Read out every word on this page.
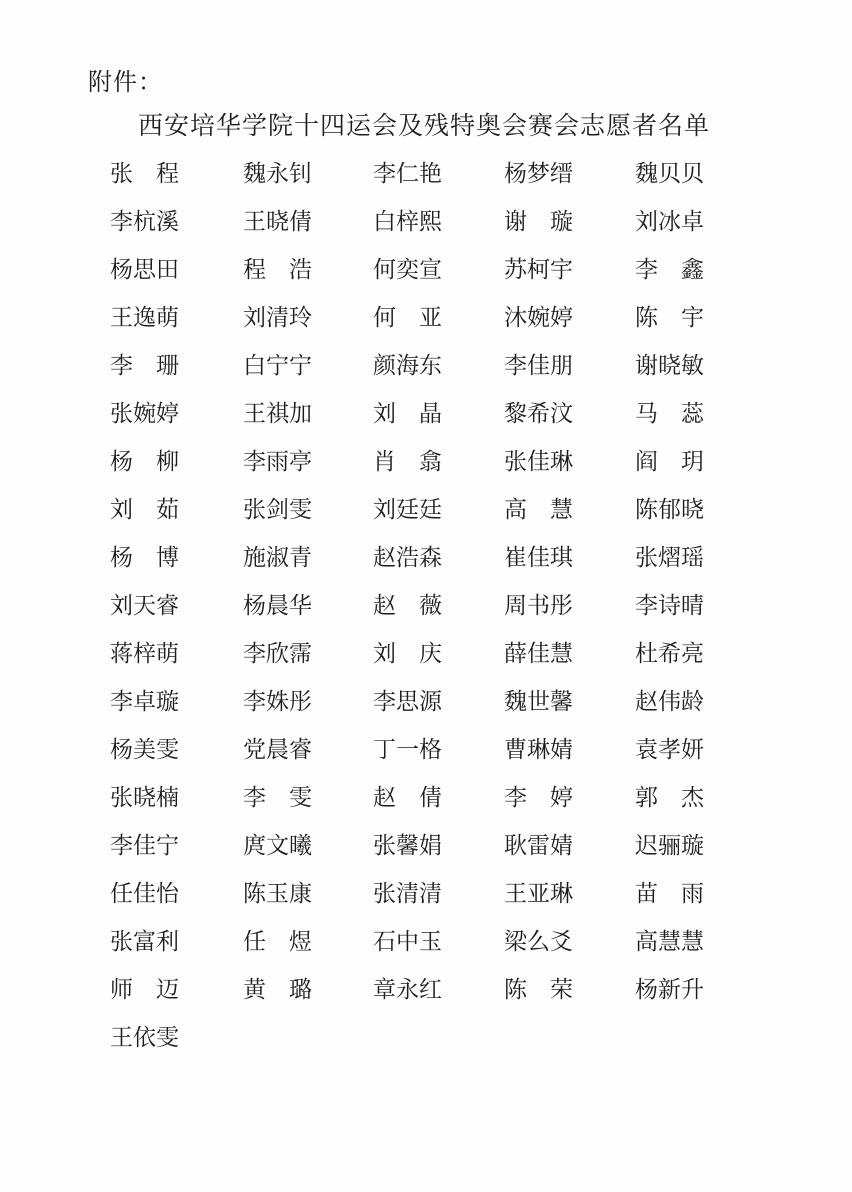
附件：
西安培华学院十四运会及残特奥会赛会志愿者名单
张　程	魏永钊	李仁艳	杨梦缙	魏贝贝
李杭溪	王晓倩	白梓熙	谢　璇	刘冰卓
杨思田	程　浩	何奕宣	苏柯宇	李　鑫
王逸萌	刘清玲	何　亚	沐婉婷	陈　宇
李　珊	白宁宁	颜海东	李佳朋	谢晓敏
张婉婷	王祺加	刘　晶	黎希汶	马　蕊
杨　柳	李雨亭	肖　翕	张佳琳	阎　玥
刘　茹	张剑雯	刘廷廷	高　慧	陈郁晓
杨　博	施淑青	赵浩森	崔佳琪	张熠瑶
刘天睿	杨晨华	赵　薇	周书彤	李诗晴
蒋梓萌	李欣霈	刘　庆	薛佳慧	杜希亮
李卓璇	李姝彤	李思源	魏世馨	赵伟龄
杨美雯	党晨睿	丁一格	曹琳婧	袁孝妍
张晓楠	李　雯	赵　倩	李　婷	郭　杰
李佳宁	庹文曦	张馨娟	耿雷婧	迟骊璇
任佳怡	陈玉康	张清清	王亚琳	苗　雨
张富利	任　煜	石中玉	梁么爻	高慧慧
师　迈	黄　璐	章永红	陈　荣	杨新升
王依雯
